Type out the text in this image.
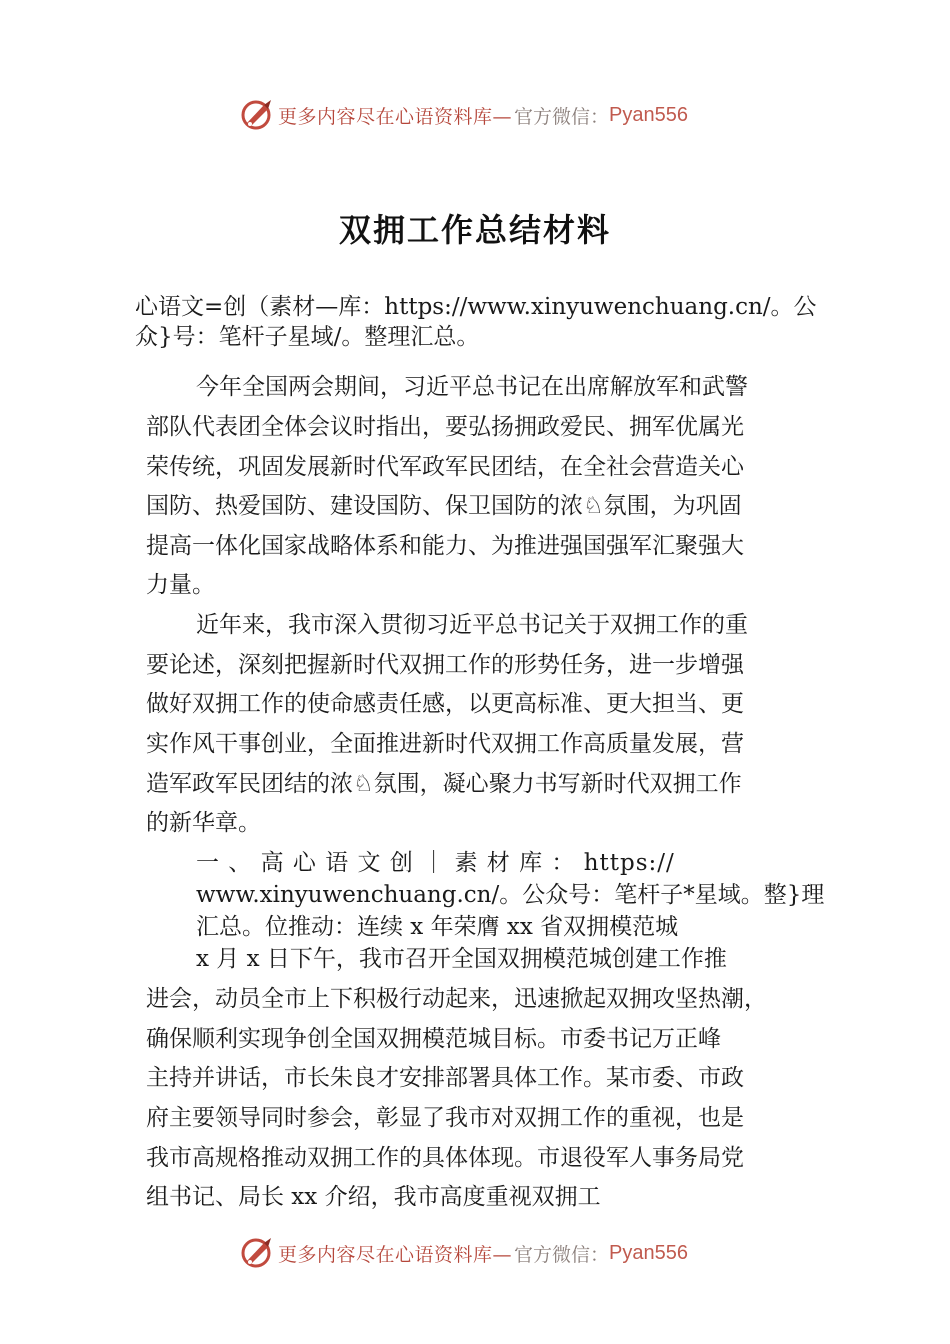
更多内容尽在心语资料库— 官方微信： Pyan556
双拥工作总结材料

心语文=创（素材—库：https://www.xinyuwenchuang.cn/。公

众}号：笔杆子星域/。整理汇总。

今年全国两会期间，习近平总书记在出席解放军和武警

部队代表团全体会议时指出，要弘扬拥政爱民、拥军优属光

荣传统，巩固发展新时代军政军民团结，在全社会营造关心

国防、热爱国防、建设国防、保卫国防的浓♘氛围，为巩固

提高一体化国家战略体系和能力、为推进强国强军汇聚强大

力量。

近年来，我市深入贯彻习近平总书记关于双拥工作的重

要论述，深刻把握新时代双拥工作的形势任务，进一步增强

做好双拥工作的使命感责任感，以更高标准、更大担当、更

实作风干事创业，全面推进新时代双拥工作高质量发展，营

造军政军民团结的浓♘氛围，凝心聚力书写新时代双拥工作

的新华章。

一 、 高 心 语 文 创 ｜ 素 材 库 ： https://

www.xinyuwenchuang.cn/。公众号：笔杆子*星域。整}理

汇总。位推动：连续 x 年荣膺 xx 省双拥模范城

x 月 x 日下午，我市召开全国双拥模范城创建工作推

进会，动员全市上下积极行动起来，迅速掀起双拥攻坚热潮，

确保顺利实现争创全国双拥模范城目标。市委书记万正峰

主持并讲话，市长朱良才安排部署具体工作。某市委、市政

府主要领导同时参会，彰显了我市对双拥工作的重视，也是

我市高规格推动双拥工作的具体体现。市退役军人事务局党

组书记、局长 xx 介绍，我市高度重视双拥工

更多内容尽在心语资料库— 官方微信： Pyan556
